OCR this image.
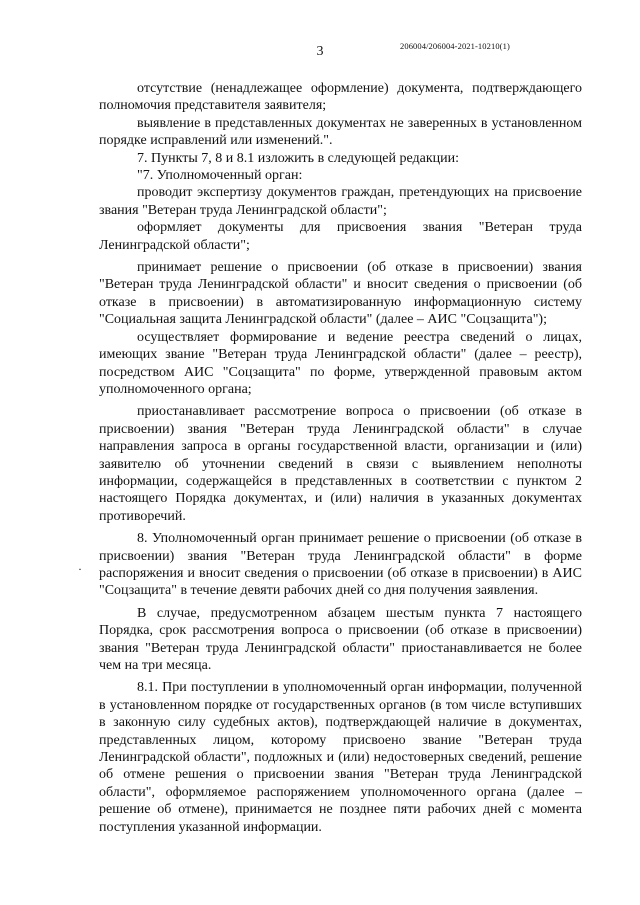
3	206004/206004-2021-10210(1)
·

отсутствие (ненадлежащее оформление) документа, подтверждающего полномочия представителя заявителя;

выявление в представленных документах не заверенных в установленном порядке исправлений или изменений.".

7. Пункты 7, 8 и 8.1 изложить в следующей редакции:

"7. Уполномоченный орган:

проводит экспертизу документов граждан, претендующих на присвоение звания "Ветеран труда Ленинградской области";

оформляет документы для присвоения звания "Ветеран труда Ленинградской области";

принимает решение о присвоении (об отказе в присвоении) звания "Ветеран труда Ленинградской области" и вносит сведения о присвоении (об отказе в присвоении) в автоматизированную информационную систему "Социальная защита Ленинградской области" (далее – АИС "Соцзащита");

осуществляет формирование и ведение реестра сведений о лицах, имеющих звание "Ветеран труда Ленинградской области" (далее – реестр), посредством АИС "Соцзащита" по форме, утвержденной правовым актом уполномоченного органа;

приостанавливает рассмотрение вопроса о присвоении (об отказе в присвоении) звания "Ветеран труда Ленинградской области" в случае направления запроса в органы государственной власти, организации и (или) заявителю об уточнении сведений в связи с выявлением неполноты информации, содержащейся в представленных в соответствии с пунктом 2 настоящего Порядка документах, и (или) наличия в указанных документах противоречий.

8. Уполномоченный орган принимает решение о присвоении (об отказе в присвоении) звания "Ветеран труда Ленинградской области" в форме распоряжения и вносит сведения о присвоении (об отказе в присвоении) в АИС "Соцзащита" в течение девяти рабочих дней со дня получения заявления.

В случае, предусмотренном абзацем шестым пункта 7 настоящего Порядка, срок рассмотрения вопроса о присвоении (об отказе в присвоении) звания "Ветеран труда Ленинградской области" приостанавливается не более чем на три месяца.

8.1. При поступлении в уполномоченный орган информации, полученной в установленном порядке от государственных органов (в том числе вступивших в законную силу судебных актов), подтверждающей наличие в документах, представленных лицом, которому присвоено звание "Ветеран труда Ленинградской области", подложных и (или) недостоверных сведений, решение об отмене решения о присвоении звания "Ветеран труда Ленинградской области", оформляемое распоряжением уполномоченного органа (далее – решение об отмене), принимается не позднее пяти рабочих дней с момента поступления указанной информации.
